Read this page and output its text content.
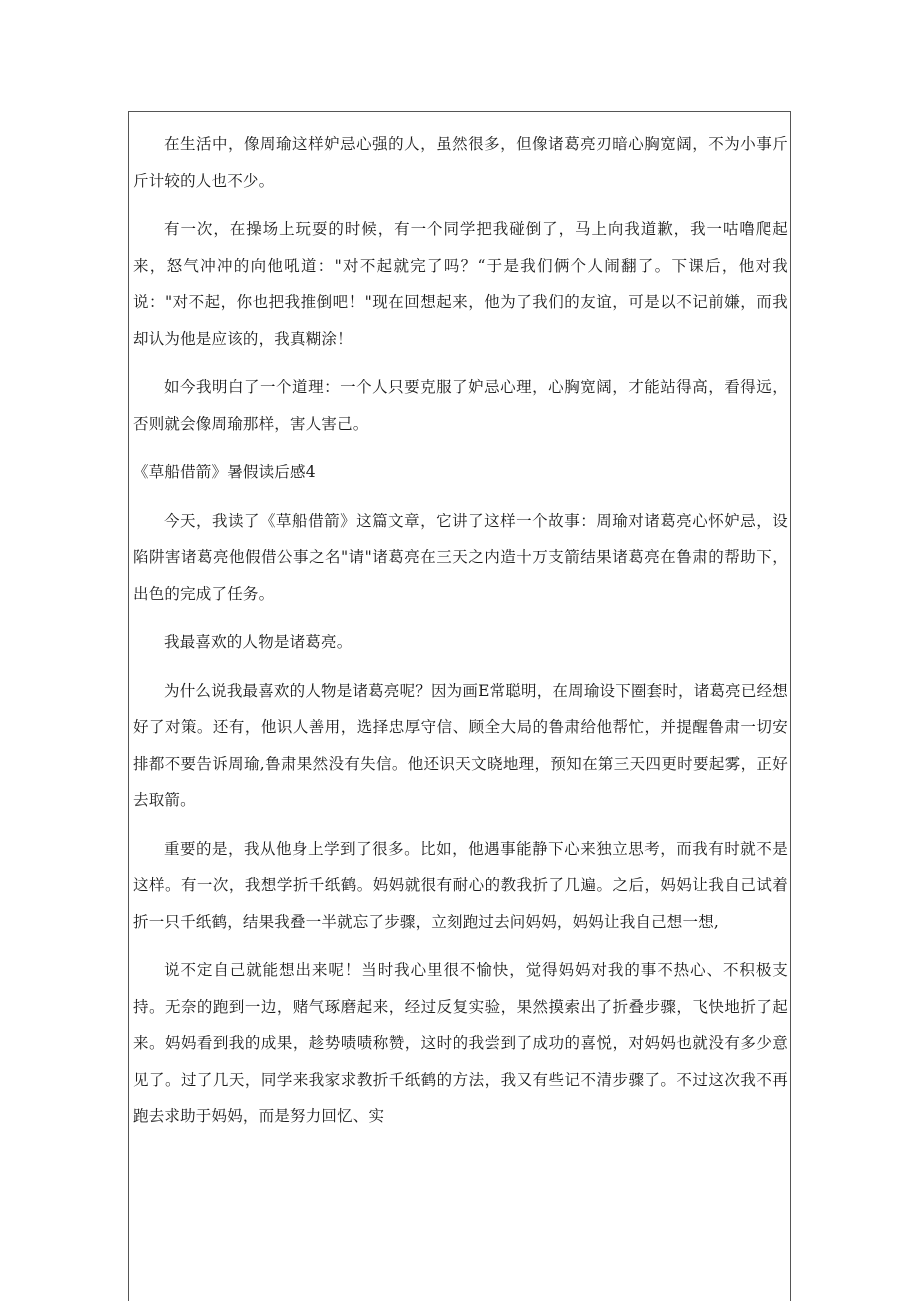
在生活中，像周瑜这样妒忌心强的人，虽然很多，但像诸葛亮刃暗心胸宽阔，不为小事斤斤计较的人也不少。

有一次，在操场上玩耍的时候，有一个同学把我碰倒了，马上向我道歉，我一咕噜爬起来，怒气冲冲的向他吼道："对不起就完了吗？“于是我们俩个人闹翻了。下课后，他对我说："对不起，你也把我推倒吧！"现在回想起来，他为了我们的友谊，可是以不记前嫌，而我却认为他是应该的，我真糊涂！

如今我明白了一个道理：一个人只要克服了妒忌心理，心胸宽阔，才能站得高，看得远，否则就会像周瑜那样，害人害己。

《草船借箭》暑假读后感4

今天，我读了《草船借箭》这篇文章，它讲了这样一个故事：周瑜对诸葛亮心怀妒忌，设陷阱害诸葛亮他假借公事之名"请"诸葛亮在三天之内造十万支箭结果诸葛亮在鲁肃的帮助下，出色的完成了任务。

我最喜欢的人物是诸葛亮。

为什么说我最喜欢的人物是诸葛亮呢？因为画E常聪明，在周瑜设下圈套时，诸葛亮已经想好了对策。还有，他识人善用，选择忠厚守信、顾全大局的鲁肃给他帮忙，并提醒鲁肃一切安排都不要告诉周瑜,鲁肃果然没有失信。他还识天文晓地理，预知在第三天四更时要起雾，正好去取箭。

重要的是，我从他身上学到了很多。比如，他遇事能静下心来独立思考，而我有时就不是这样。有一次，我想学折千纸鹤。妈妈就很有耐心的教我折了几遍。之后，妈妈让我自己试着折一只千纸鹤，结果我叠一半就忘了步骤，立刻跑过去问妈妈，妈妈让我自己想一想,

说不定自己就能想出来呢！当时我心里很不愉快，觉得妈妈对我的事不热心、不积极支持。无奈的跑到一边，赌气琢磨起来，经过反复实验，果然摸索出了折叠步骤，飞快地折了起来。妈妈看到我的成果，趁势啧啧称赞，这时的我尝到了成功的喜悦，对妈妈也就没有多少意见了。过了几天，同学来我家求教折千纸鹤的方法，我又有些记不清步骤了。不过这次我不再跑去求助于妈妈，而是努力回忆、实
